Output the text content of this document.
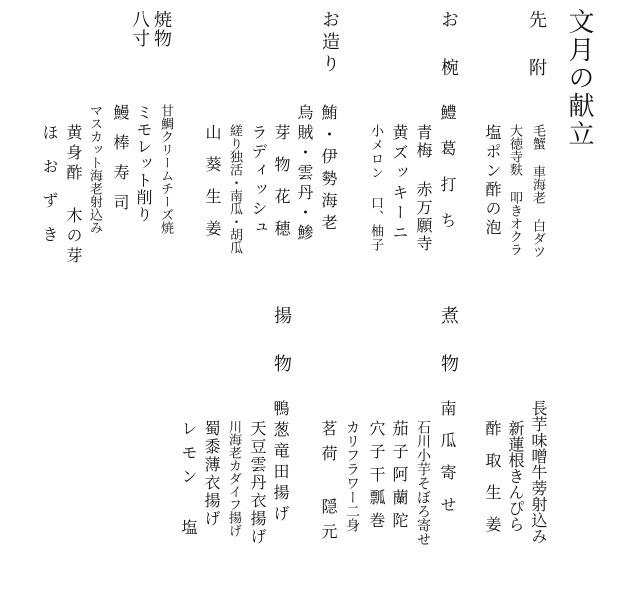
文月の献立
先附
毛蟹 車海老 白ダツ
大徳寺麩 叩きオクラ
塩ポン酢の泡
お椀
鱧葛打ち
青梅 赤万願寺
黄ズッキーニ
小メロン 口、柚子
お造り
鮪・伊勢海老
烏賊・雲丹・鯵
芽物花穂
ラディッシュ
縒り独活・南瓜・胡瓜
山葵生姜
焼物
八寸
甘鯛クリームチーズ焼
ミモレット削り
鰻棒寿司
マスカット海老射込み
黄身酢 木の芽
ほおずき
煮物
長芋味噌牛蒡射込み
新蓮根きんぴら
酢取生姜
南瓜寄せ
石川小芋そぼろ寄せ
茄子阿蘭陀
穴子干瓢巻
カリフラワー二身
茗荷 隠元
揚物
鴨葱竜田揚げ
天豆雲丹衣揚げ
川海老カダイフ揚げ
蜀黍薄衣揚げ
レモン 塩
